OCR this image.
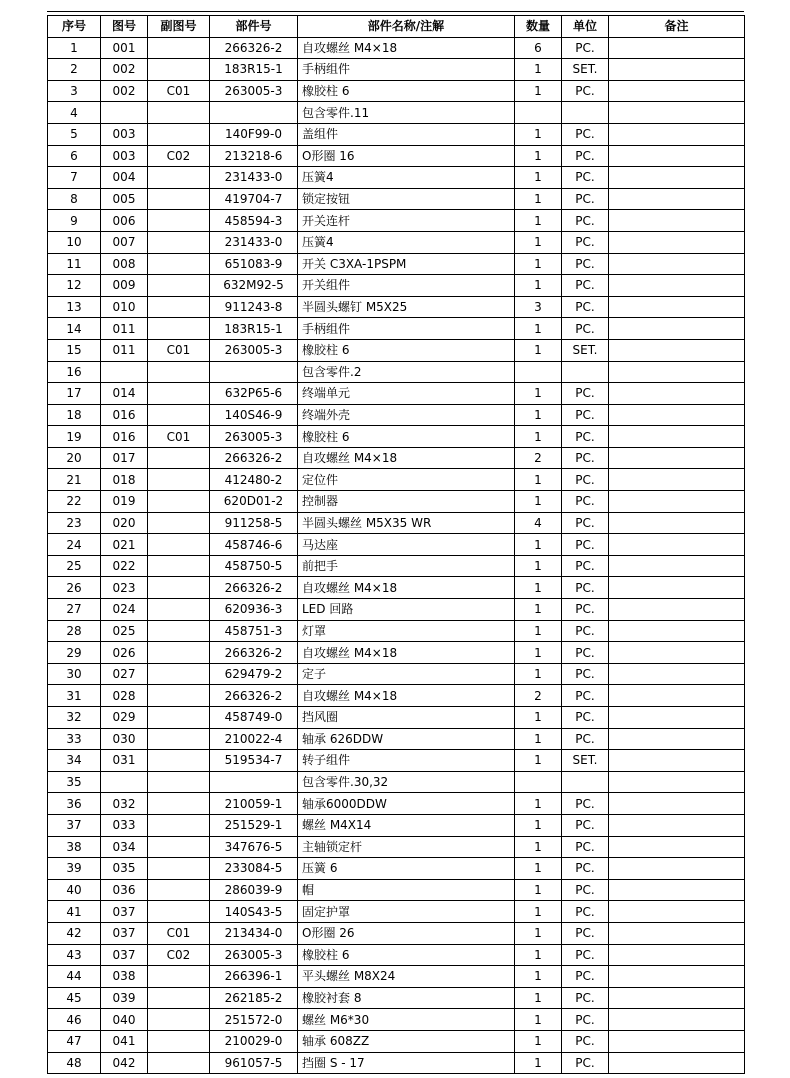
序号	图号	副图号	部件号	部件名称/注解	数量	单位	备注
1	001		266326-2	自攻螺丝 M4×18	6	PC.	
2	002		183R15-1	手柄组件	1	SET.	
3	002	C01	263005-3	橡胶柱 6	1	PC.	
4				包含零件.11			
5	003		140F99-0	盖组件	1	PC.	
6	003	C02	213218-6	O形圈 16	1	PC.	
7	004		231433-0	压簧4	1	PC.	
8	005		419704-7	锁定按钮	1	PC.	
9	006		458594-3	开关连杆	1	PC.	
10	007		231433-0	压簧4	1	PC.	
11	008		651083-9	开关 C3XA-1PSPM	1	PC.	
12	009		632M92-5	开关组件	1	PC.	
13	010		911243-8	半圆头螺钉 M5X25	3	PC.	
14	011		183R15-1	手柄组件	1	PC.	
15	011	C01	263005-3	橡胶柱 6	1	SET.	
16				包含零件.2			
17	014		632P65-6	终端单元	1	PC.	
18	016		140S46-9	终端外壳	1	PC.	
19	016	C01	263005-3	橡胶柱 6	1	PC.	
20	017		266326-2	自攻螺丝 M4×18	2	PC.	
21	018		412480-2	定位件	1	PC.	
22	019		620D01-2	控制器	1	PC.	
23	020		911258-5	半圆头螺丝 M5X35 WR	4	PC.	
24	021		458746-6	马达座	1	PC.	
25	022		458750-5	前把手	1	PC.	
26	023		266326-2	自攻螺丝 M4×18	1	PC.	
27	024		620936-3	LED 回路	1	PC.	
28	025		458751-3	灯罩	1	PC.	
29	026		266326-2	自攻螺丝 M4×18	1	PC.	
30	027		629479-2	定子	1	PC.	
31	028		266326-2	自攻螺丝 M4×18	2	PC.	
32	029		458749-0	挡风圈	1	PC.	
33	030		210022-4	轴承 626DDW	1	PC.	
34	031		519534-7	转子组件	1	SET.	
35				包含零件.30,32			
36	032		210059-1	轴承6000DDW	1	PC.	
37	033		251529-1	螺丝 M4X14	1	PC.	
38	034		347676-5	主轴锁定杆	1	PC.	
39	035		233084-5	压簧 6	1	PC.	
40	036		286039-9	帽	1	PC.	
41	037		140S43-5	固定护罩	1	PC.	
42	037	C01	213434-0	O形圈 26	1	PC.	
43	037	C02	263005-3	橡胶柱 6	1	PC.	
44	038		266396-1	平头螺丝 M8X24	1	PC.	
45	039		262185-2	橡胶衬套 8	1	PC.	
46	040		251572-0	螺丝 M6*30	1	PC.	
47	041		210029-0	轴承 608ZZ	1	PC.	
48	042		961057-5	挡圈 S - 17	1	PC.	
